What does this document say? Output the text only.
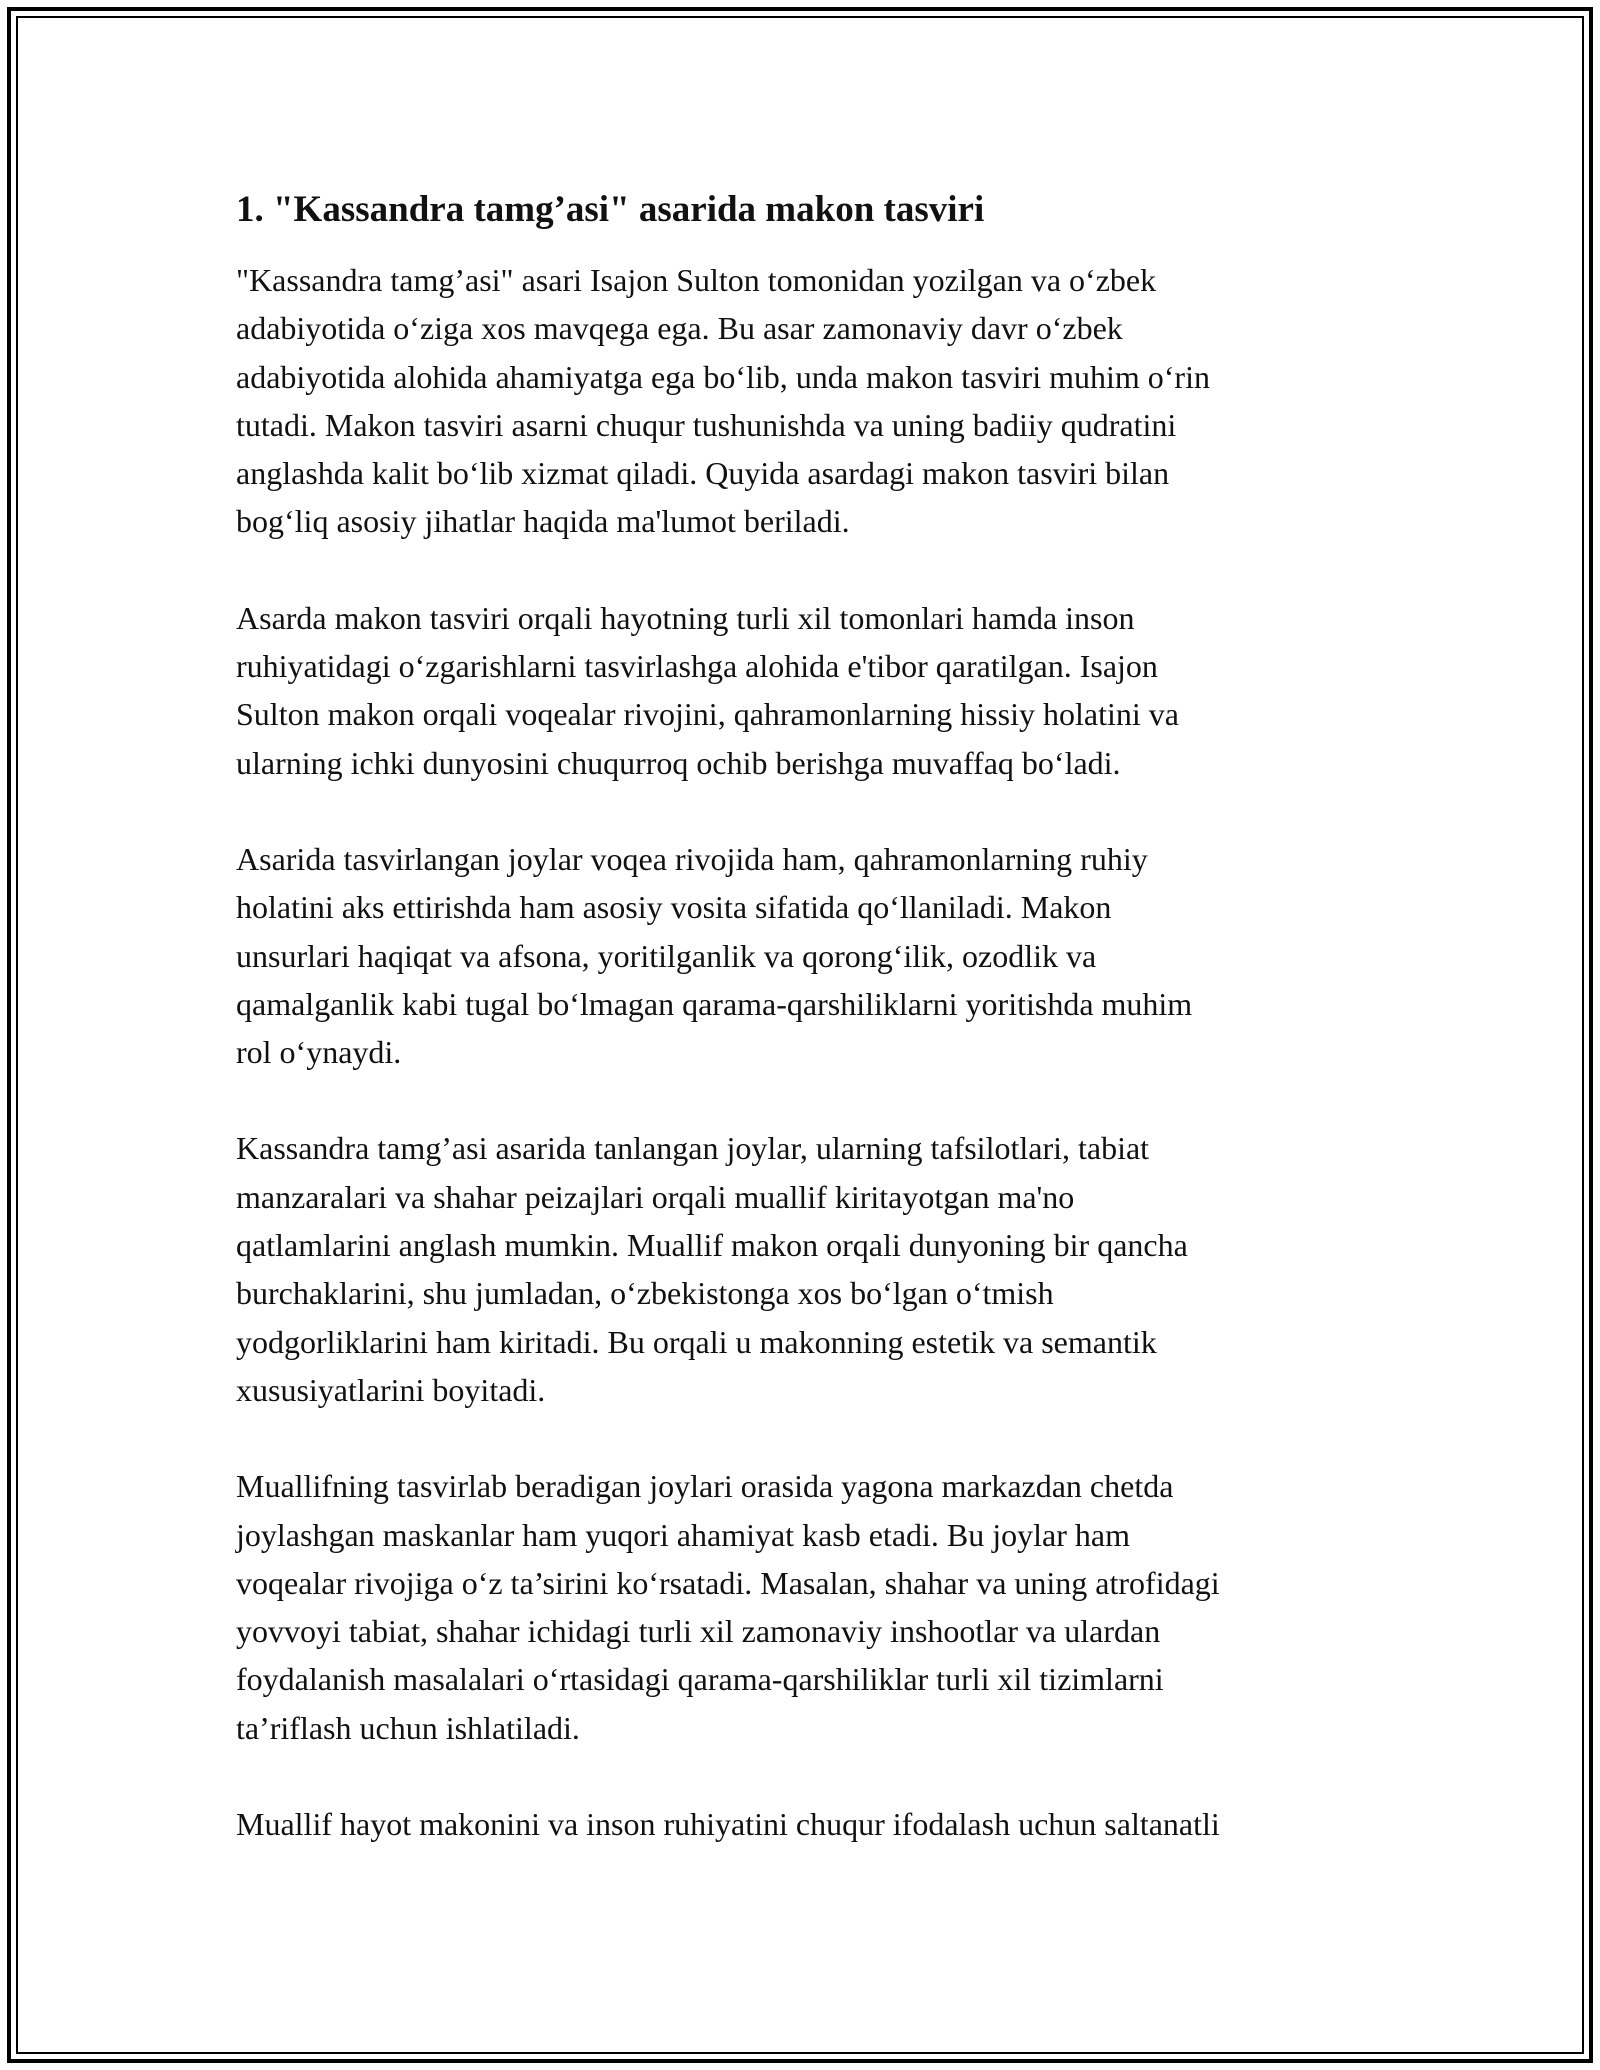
1. "Kassandra tamg’asi" asarida makon tasviri
"Kassandra tamg’asi" asari Isajon Sulton tomonidan yozilgan va o‘zbek
adabiyotida o‘ziga xos mavqega ega. Bu asar zamonaviy davr o‘zbek
adabiyotida alohida ahamiyatga ega bo‘lib, unda makon tasviri muhim o‘rin
tutadi. Makon tasviri asarni chuqur tushunishda va uning badiiy qudratini
anglashda kalit bo‘lib xizmat qiladi. Quyida asardagi makon tasviri bilan
bog‘liq asosiy jihatlar haqida ma'lumot beriladi.
Asarda makon tasviri orqali hayotning turli xil tomonlari hamda inson
ruhiyatidagi o‘zgarishlarni tasvirlashga alohida e'tibor qaratilgan. Isajon
Sulton makon orqali voqealar rivojini, qahramonlarning hissiy holatini va
ularning ichki dunyosini chuqurroq ochib berishga muvaffaq bo‘ladi.
Asarida tasvirlangan joylar voqea rivojida ham, qahramonlarning ruhiy
holatini aks ettirishda ham asosiy vosita sifatida qo‘llaniladi. Makon
unsurlari haqiqat va afsona, yoritilganlik va qorong‘ilik, ozodlik va
qamalganlik kabi tugal bo‘lmagan qarama-qarshiliklarni yoritishda muhim
rol o‘ynaydi.
Kassandra tamg’asi asarida tanlangan joylar, ularning tafsilotlari, tabiat
manzaralari va shahar peizajlari orqali muallif kiritayotgan ma'no
qatlamlarini anglash mumkin. Muallif makon orqali dunyoning bir qancha
burchaklarini, shu jumladan, o‘zbekistonga xos bo‘lgan o‘tmish
yodgorliklarini ham kiritadi. Bu orqali u makonning estetik va semantik
xususiyatlarini boyitadi.
Muallifning tasvirlab beradigan joylari orasida yagona markazdan chetda
joylashgan maskanlar ham yuqori ahamiyat kasb etadi. Bu joylar ham
voqealar rivojiga o‘z ta’sirini ko‘rsatadi. Masalan, shahar va uning atrofidagi
yovvoyi tabiat, shahar ichidagi turli xil zamonaviy inshootlar va ulardan
foydalanish masalalari o‘rtasidagi qarama-qarshiliklar turli xil tizimlarni
ta’riflash uchun ishlatiladi.
Muallif hayot makonini va inson ruhiyatini chuqur ifodalash uchun saltanatli
